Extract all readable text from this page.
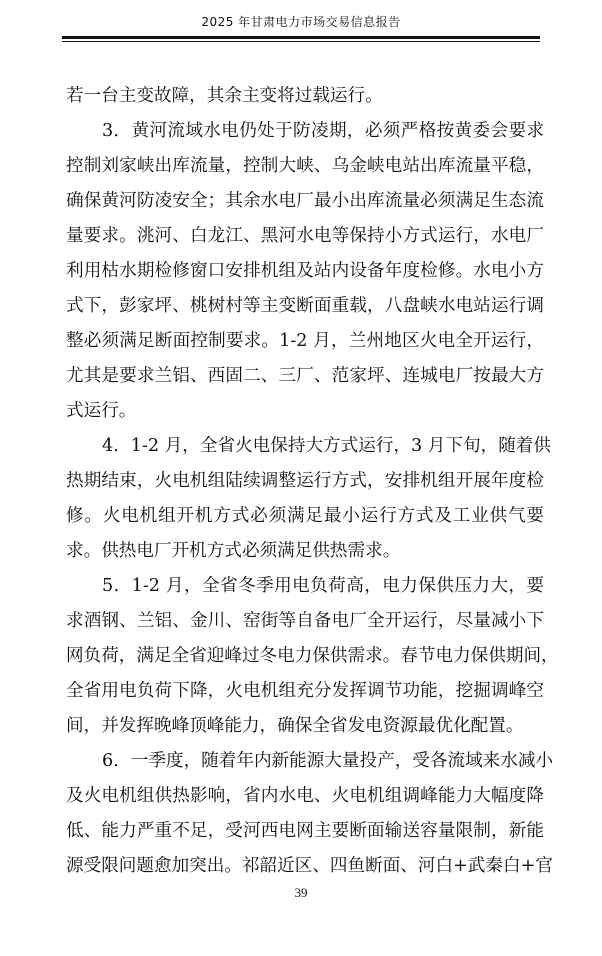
2025 年甘肃电力市场交易信息报告
若一台主变故障，其余主变将过载运行。
3．黄河流域水电仍处于防凌期，必须严格按黄委会要求
控制刘家峡出库流量，控制大峡、乌金峡电站出库流量平稳，
确保黄河防凌安全；其余水电厂最小出库流量必须满足生态流
量要求。洮河、白龙江、黑河水电等保持小方式运行，水电厂
利用枯水期检修窗口安排机组及站内设备年度检修。水电小方
式下，彭家坪、桃树村等主变断面重载，八盘峡水电站运行调
整必须满足断面控制要求。1-2 月，兰州地区火电全开运行，
尤其是要求兰铝、西固二、三厂、范家坪、连城电厂按最大方
式运行。
4．1-2 月，全省火电保持大方式运行，3 月下旬，随着供
热期结束，火电机组陆续调整运行方式，安排机组开展年度检
修。火电机组开机方式必须满足最小运行方式及工业供气要
求。供热电厂开机方式必须满足供热需求。
5．1-2 月，全省冬季用电负荷高，电力保供压力大，要
求酒钢、兰铝、金川、窑街等自备电厂全开运行，尽量减小下
网负荷，满足全省迎峰过冬电力保供需求。春节电力保供期间，
全省用电负荷下降，火电机组充分发挥调节功能，挖掘调峰空
间，并发挥晚峰顶峰能力，确保全省发电资源最优化配置。
6．一季度，随着年内新能源大量投产，受各流域来水减小
及火电机组供热影响，省内水电、火电机组调峰能力大幅度降
低、能力严重不足，受河西电网主要断面输送容量限制，新能
源受限问题愈加突出。祁韶近区、四鱼断面、河白+武秦白+官
39
